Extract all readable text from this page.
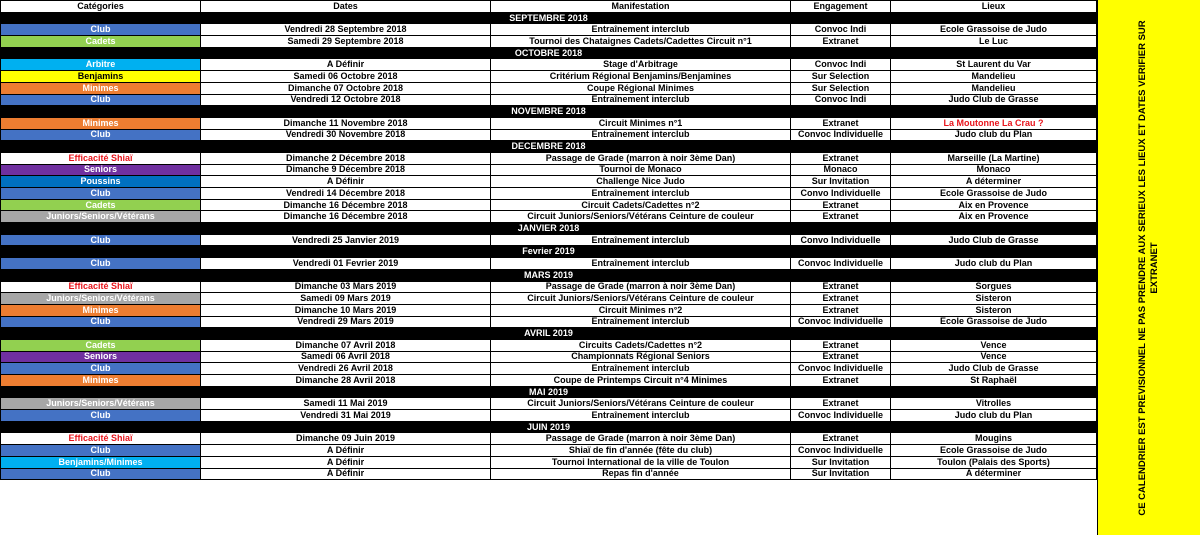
Catégories	Dates	Manifestation	Engagement	Lieux
SEPTEMBRE 2018				
Club	Vendredi 28 Septembre 2018	Entraînement interclub	Convoc Indi	Ecole Grassoise de Judo
Cadets	Samedi 29 Septembre 2018	Tournoi des Chataignes Cadets/Cadettes Circuit n°1	Extranet	Le Luc
OCTOBRE 2018				
Arbitre	A Définir	Stage d'Arbitrage	Convoc Indi	St Laurent du Var
Benjamins	Samedi 06 Octobre 2018	Critérium Régional Benjamins/Benjamines	Sur Selection	Mandelieu
Minimes	Dimanche 07 Octobre 2018	Coupe Régional Minimes	Sur Selection	Mandelieu
Club	Vendredi 12 Octobre 2018	Entraînement interclub	Convoc Indi	Judo Club de Grasse
NOVEMBRE 2018				
Minimes	Dimanche 11 Novembre 2018	Circuit Minimes n°1	Extranet	La Moutonne La Crau ?
Club	Vendredi 30 Novembre 2018	Entraînement interclub	Convoc Individuelle	Judo club du Plan
DECEMBRE 2018				
Efficacité Shiaï	Dimanche 2 Décembre 2018	Passage de Grade (marron à noir 3ème Dan)	Extranet	Marseille (La Martine)
Seniors	Dimanche 9 Décembre 2018	Tournoi de Monaco	Monaco	Monaco
Poussins	A Définir	Challenge Nice Judo	Sur Invitation	A déterminer
Club	Vendredi 14 Décembre 2018	Entraînement interclub	Convo Individuelle	Ecole Grassoise de Judo
Cadets	Dimanche 16 Décembre 2018	Circuit Cadets/Cadettes n°2	Extranet	Aix en Provence
Juniors/Seniors/Vétérans	Dimanche 16 Décembre 2018	Circuit Juniors/Seniors/Vétérans Ceinture de couleur	Extranet	Aix en Provence
JANVIER 2018				
Club	Vendredi 25 Janvier 2019	Entraînement interclub	Convo Individuelle	Judo Club de Grasse
Fevrier 2019				
Club	Vendredi 01 Fevrier 2019	Entraînement interclub	Convoc Individuelle	Judo club du Plan
MARS 2019				
Efficacité Shiaï	Dimanche 03 Mars 2019	Passage de Grade (marron à noir 3ème Dan)	Extranet	Sorgues
Juniors/Seniors/Vétérans	Samedi 09 Mars 2019	Circuit Juniors/Seniors/Vétérans Ceinture de couleur	Extranet	Sisteron
Minimes	Dimanche 10 Mars 2019	Circuit Minimes n°2	Extranet	Sisteron
Club	Vendredi 29 Mars 2019	Entraînement interclub	Convoc Individuelle	Ecole Grassoise de Judo
AVRIL 2019				
Cadets	Dimanche 07 Avril 2018	Circuits Cadets/Cadettes n°2	Extranet	Vence
Seniors	Samedi 06 Avril 2018	Championnats Régional Seniors	Extranet	Vence
Club	Vendredi 26 Avril 2018	Entraînement interclub	Convoc Individuelle	Judo Club de Grasse
Minimes	Dimanche 28 Avril 2018	Coupe de Printemps Circuit n°4 Minimes	Extranet	St Raphaël
MAI 2019				
Juniors/Seniors/Vétérans	Samedi 11 Mai 2019	Circuit Juniors/Seniors/Vétérans Ceinture de couleur	Extranet	Vitrolles
Club	Vendredi 31 Mai 2019	Entraînement interclub	Convoc Individuelle	Judo club du Plan
JUIN 2019				
Efficacité Shiaï	Dimanche 09 Juin 2019	Passage de Grade (marron à noir 3ème Dan)	Extranet	Mougins
Club	A Définir	Shiaï de fin d'année (fête du club)	Convoc Individuelle	Ecole Grassoise de Judo
Benjamins/Minimes	A Définir	Tournoi International de la ville de Toulon	Sur Invitation	Toulon (Palais des Sports)
Club	A Définir	Repas fin d'année	Sur Invitation	A déterminer	CE CALENDRIER EST PREVISIONNEL NE PAS PRENDRE AUX SERIEUX LES LIEUX ET DATES VERIFIER SUR EXTRANET
